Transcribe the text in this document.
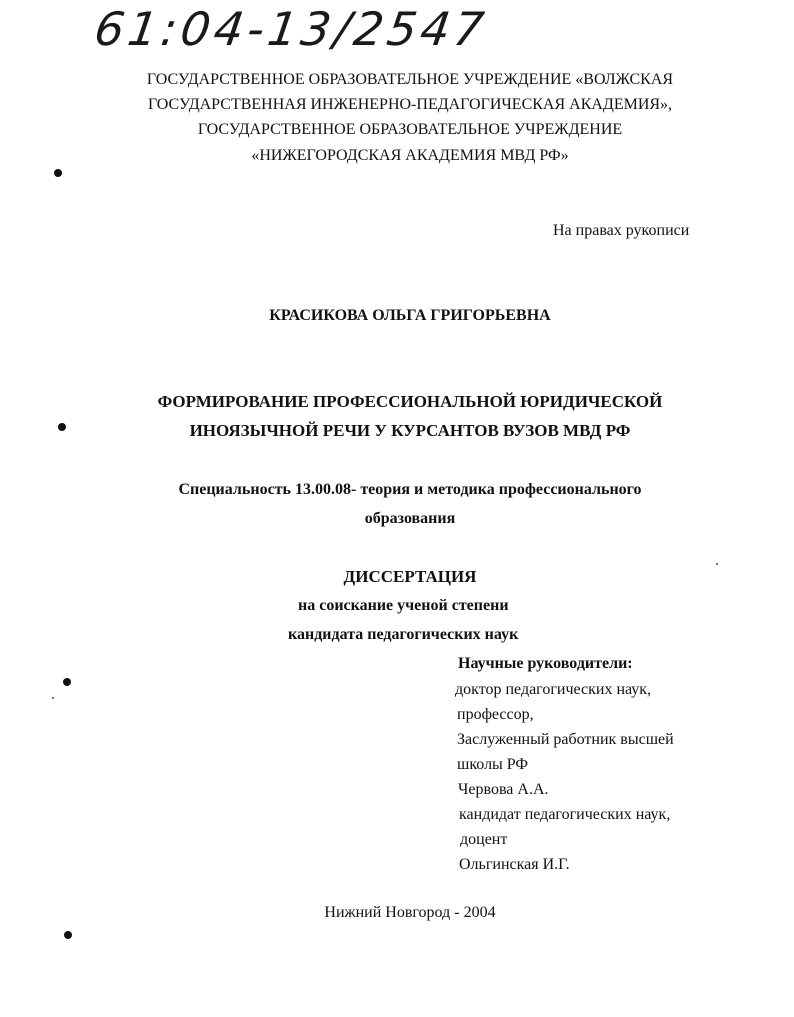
61:04-13/2547
ГОСУДАРСТВЕННОЕ ОБРАЗОВАТЕЛЬНОЕ УЧРЕЖДЕНИЕ «ВОЛЖСКАЯ
ГОСУДАРСТВЕННАЯ ИНЖЕНЕРНО-ПЕДАГОГИЧЕСКАЯ АКАДЕМИЯ»,
ГОСУДАРСТВЕННОЕ ОБРАЗОВАТЕЛЬНОЕ УЧРЕЖДЕНИЕ
«НИЖЕГОРОДСКАЯ АКАДЕМИЯ МВД РФ»
На правах рукописи
КРАСИКОВА ОЛЬГА ГРИГОРЬЕВНА
ФОРМИРОВАНИЕ ПРОФЕССИОНАЛЬНОЙ ЮРИДИЧЕСКОЙ
ИНОЯЗЫЧНОЙ РЕЧИ У КУРСАНТОВ ВУЗОВ МВД РФ
Специальность 13.00.08- теория и методика профессионального
образования
ДИССЕРТАЦИЯ
на соискание ученой степени
кандидата педагогических наук
Научные руководители:
доктор педагогических наук,
профессор,
Заслуженный работник высшей
школы РФ
Червова А.А.
кандидат педагогических наук,
доцент
Ольгинская И.Г.
Нижний Новгород - 2004
